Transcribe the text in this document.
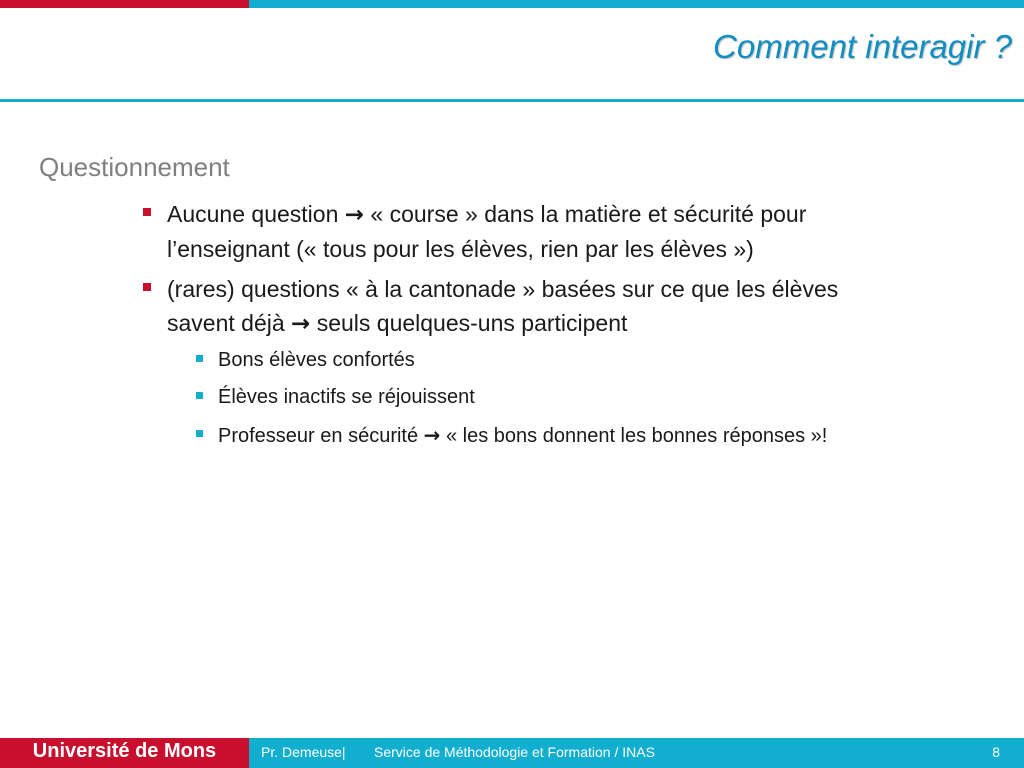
Comment interagir ?
Questionnement
Aucune question → « course » dans la matière et sécurité pour
l’enseignant (« tous pour les élèves, rien par les élèves »)
(rares) questions « à la cantonade » basées sur ce que les élèves
savent déjà → seuls quelques-uns participent
Bons élèves confortés
Élèves inactifs se réjouissent
Professeur en sécurité → « les bons donnent les bonnes réponses »!
Université de Mons	Pr. Demeuse| Service de Méthodologie et Formation / INAS	8
